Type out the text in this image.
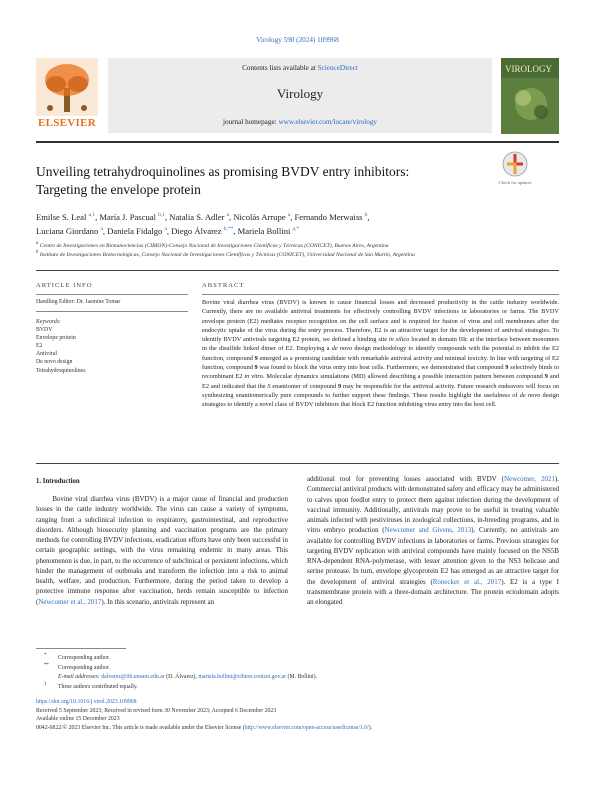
Virology 590 (2024) 109968
ELSEVIER
Contents lists available at ScienceDirect
Virology
journal homepage: www.elsevier.com/locate/virology
VIROLOGY
Unveiling tetrahydroquinolines as promising BVDV entry inhibitors:
Targeting the envelope protein	Check for updates
Emilse S. Leal $^{a,1}$, María J. Pascual $^{b,1}$, Natalia S. Adler $^a$, Nicolás Arrupe $^a$, Fernando Merwaiss $^b$,
Luciana Giordano $^a$, Daniela Fidalgo $^a$, Diego Álvarez $^{b,**}$, Mariela Bollini $^{a,*}$
$^a$ Centro de Investigaciones en Bionanociencias (CIBION)-Consejo Nacional de Investigaciones Científicas y Técnicas (CONICET), Buenos Aires, Argentina
$^b$ Instituto de Investigaciones Biotecnológicas, Consejo Nacional de Investigaciones Científicas y Técnicas (CONICET), Universidad Nacional de San Martín, Argentina
ARTICLE INFO
Handling Editor: Dr. Jasmine Tomar
Keywords:
BVDV
Envelope protein
E2
Antiviral
De novo design
Tetrahydroquinolines
ABSTRACT
Bovine viral diarrhea virus (BVDV) is known to cause financial losses and decreased productivity in the cattle industry worldwide. Currently, there are no available antiviral treatments for effectively controlling BVDV infections in laboratories or farms. The BVDV envelope protein (E2) mediates receptor recognition on the cell surface and is required for fusion of virus and cell membranes after the endocytic uptake of the virus during the entry process. Therefore, E2 is an attractive target for the development of antiviral strategies. To identify BVDV antivirals targeting E2 protein, we defined a binding site in silico located in domain IIIc at the interface between monomers in the disulfide linked dimer of E2. Employing a de novo design methodology to identify compounds with the potential to inhibit the E2 function, compound 9 emerged as a promising candidate with remarkable antiviral activity and minimal toxicity. In line with targeting of E2 function, compound 9 was found to block the virus entry into host cells. Furthermore, we demonstrated that compound 9 selectively binds to recombinant E2 in vitro. Molecular dynamics simulations (MD) allowed describing a possible interaction pattern between compound 9 and E2 and indicated that the S enantiomer of compound 9 may be responsible for the antiviral activity. Future research endeavors will focus on synthesizing enantiomerically pure compounds to further support these findings. These results highlight the usefulness of de novo design strategies to identify a novel class of BVDV inhibitors that block E2 function inhibiting virus entry into the host cell.
1. Introduction
Bovine viral diarrhea virus (BVDV) is a major cause of financial and production losses in the cattle industry worldwide. The virus can cause a variety of symptoms, ranging from a subclinical infection to respiratory, gastrointestinal, and reproductive disorders. Although biosecurity planning and vaccination programs are the primary methods for controlling BVDV infections, eradication efforts have only been successful in certain geographic settings, with the virus remaining endemic in many areas. This phenomenon is due, in part, to the occurrence of subclinical or persistent infections, which hinder the management of outbreaks and transform the infection into a risk to animal health, welfare, and production. Furthermore, during the period taken to develop a protective immune response after vaccination, herds remain susceptible to infection (Newcomer et al., 2017). In this scenario, antivirals represent an
additional tool for preventing losses associated with BVDV (Newcomer, 2021). Commercial antiviral products with demonstrated safety and efficacy may be administered to calves upon feedlot entry to protect them against infection during the development of vaccinal immunity. Additionally, antivirals may prove to be useful in treating valuable animals infected with pestiviruses in zoological collections, in-breeding programs, and in vitro embryo production (Newcomer and Givens, 2013). Currently, no antivirals are available for controlling BVDV infections in laboratories or farms. Previous strategies for targeting BVDV replication with antiviral compounds have mainly focused on the NS5B RNA-dependent RNA-polymerase, with lesser attention given to the NS3 helicase and serine protease. In turn, envelope glycoprotein E2 has emerged as an attractive target for the development of antiviral strategies (Ronecker et al., 2017). E2 is a type I transmembrane protein with a three-domain architecture. The protein ectodomain adopts an elongated
* Corresponding author.
** Corresponding author.
E-mail addresses: dalvarez@iib.unsam.edu.ar (D. Álvarez), mariela.bollini@cibion.conicet.gov.ar (M. Bollini).
$^1$ These authors contributed equally.
https://doi.org/10.1016/j.virol.2023.109968
Received 5 September 2023; Received in revised form 30 November 2023; Accepted 6 December 2023
Available online 15 December 2023
0042-6822/© 2023 Elsevier Inc. This article is made available under the Elsevier license (http://www.elsevier.com/open-access/userlicense/1.0/).
